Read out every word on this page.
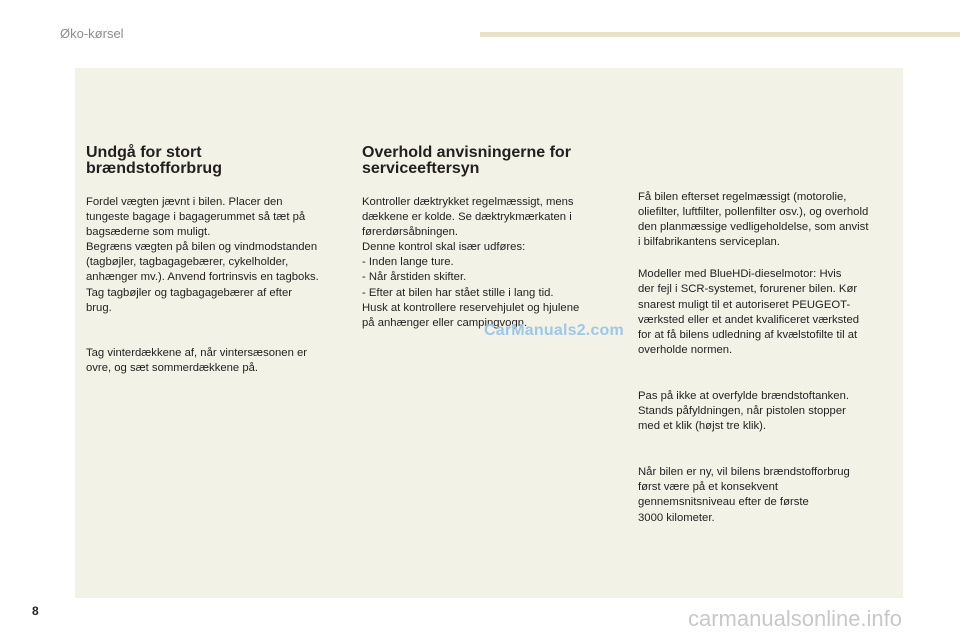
Øko-kørsel
Undgå for stort
brændstofforbrug
Fordel vægten jævnt i bilen. Placer den
tungeste bagage i bagagerummet så tæt på
bagsæderne som muligt.
Begræns vægten på bilen og vindmodstanden
(tagbøjler, tagbagagebærer, cykelholder,
anhænger mv.). Anvend fortrinsvis en tagboks.
Tag tagbøjler og tagbagagebærer af efter
brug.
Tag vinterdækkene af, når vintersæsonen er
ovre, og sæt sommerdækkene på.
Overhold anvisningerne for
serviceeftersyn
Kontroller dæktrykket regelmæssigt, mens
dækkene er kolde. Se dæktrykmærkaten i
førerdørsåbningen.
Denne kontrol skal især udføres:
- Inden lange ture.
- Når årstiden skifter.
- Efter at bilen har stået stille i lang tid.
Husk at kontrollere reservehjulet og hjulene
på anhænger eller campingvogn.
Få bilen efterset regelmæssigt (motorolie,
oliefilter, luftfilter, pollenfilter osv.), og overhold
den planmæssige vedligeholdelse, som anvist
i bilfabrikantens serviceplan.
Modeller med BlueHDi-dieselmotor: Hvis
der fejl i SCR-systemet, forurener bilen. Kør
snarest muligt til et autoriseret PEUGEOT-
værksted eller et andet kvalificeret værksted
for at få bilens udledning af kvælstofilte til at
overholde normen.
Pas på ikke at overfylde brændstoftanken.
Stands påfyldningen, når pistolen stopper
med et klik (højst tre klik).
Når bilen er ny, vil bilens brændstofforbrug
først være på et konsekvent
gennemsnitsniveau efter de første
3000 kilometer.
CarManuals2.com
8	carmanualsonline.info
